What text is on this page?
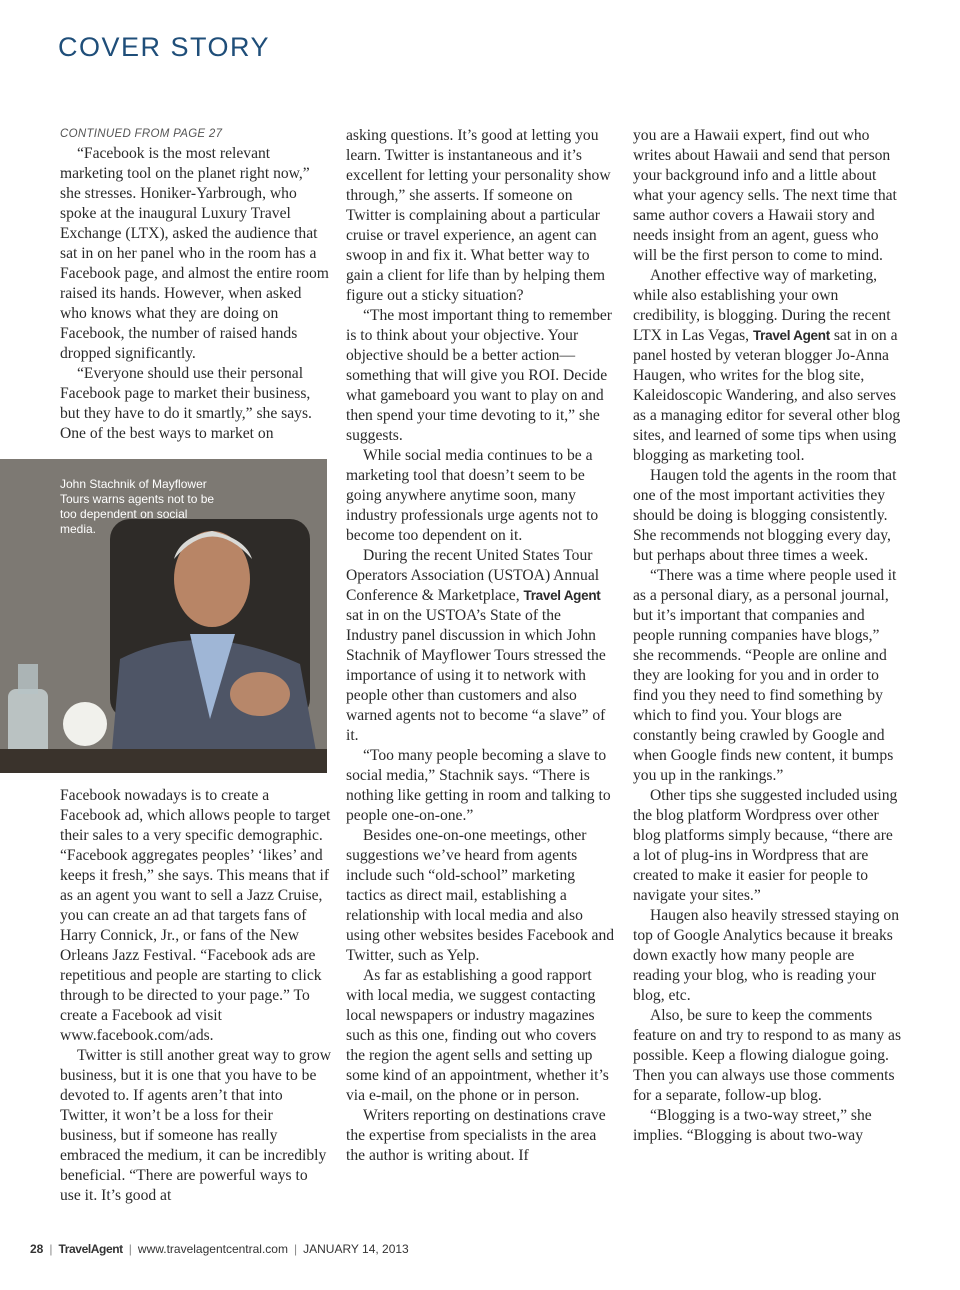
COVER STORY

CONTINUED FROM PAGE 27

“Facebook is the most relevant marketing tool on the planet right now,” she stresses. Honiker-Yarbrough, who spoke at the inaugural Luxury Travel Exchange (LTX), asked the audience that sat in on her panel who in the room has a Facebook page, and almost the entire room raised its hands. However, when asked who knows what they are doing on Facebook, the number of raised hands dropped significantly.

“Everyone should use their personal Facebook page to market their business, but they have to do it smartly,” she says. One of the best ways to market on

John Stachnik of Mayflower Tours warns agents not to be too dependent on social media.

Facebook nowadays is to create a Facebook ad, which allows people to target their sales to a very specific demographic. “Facebook aggregates peoples’ ‘likes’ and keeps it fresh,” she says. This means that if as an agent you want to sell a Jazz Cruise, you can create an ad that targets fans of Harry Connick, Jr., or fans of the New Orleans Jazz Festival. “Facebook ads are repetitious and people are starting to click through to be directed to your page.” To create a Facebook ad visit www.facebook.com/ads.

Twitter is still another great way to grow business, but it is one that you have to be devoted to. If agents aren’t that into Twitter, it won’t be a loss for their business, but if someone has really embraced the medium, it can be incredibly beneficial. “There are powerful ways to use it. It’s good at

asking questions. It’s good at letting you learn. Twitter is instantaneous and it’s excellent for letting your personality show through,” she asserts. If someone on Twitter is complaining about a particular cruise or travel experience, an agent can swoop in and fix it. What better way to gain a client for life than by helping them figure out a sticky situation?

“The most important thing to remember is to think about your objective. Your objective should be a better action—something that will give you ROI. Decide what gameboard you want to play on and then spend your time devoting to it,” she suggests.

While social media continues to be a marketing tool that doesn’t seem to be going anywhere anytime soon, many industry professionals urge agents not to become too dependent on it.

During the recent United States Tour Operators Association (USTOA) Annual Conference & Marketplace, Travel Agent sat in on the USTOA’s State of the Industry panel discussion in which John Stachnik of Mayflower Tours stressed the importance of using it to network with people other than customers and also warned agents not to become “a slave” of it.

“Too many people becoming a slave to social media,” Stachnik says. “There is nothing like getting in room and talking to people one-on-one.”

Besides one-on-one meetings, other suggestions we’ve heard from agents include such “old-school” marketing tactics as direct mail, establishing a relationship with local media and also using other websites besides Facebook and Twitter, such as Yelp.

As far as establishing a good rapport with local media, we suggest contacting local newspapers or industry magazines such as this one, finding out who covers the region the agent sells and setting up some kind of an appointment, whether it’s via e-mail, on the phone or in person.

Writers reporting on destinations crave the expertise from specialists in the area the author is writing about. If

you are a Hawaii expert, find out who writes about Hawaii and send that person your background info and a little about what your agency sells. The next time that same author covers a Hawaii story and needs insight from an agent, guess who will be the first person to come to mind.

Another effective way of marketing, while also establishing your own credibility, is blogging. During the recent LTX in Las Vegas, Travel Agent sat in on a panel hosted by veteran blogger Jo-Anna Haugen, who writes for the blog site, Kaleidoscopic Wandering, and also serves as a managing editor for several other blog sites, and learned of some tips when using blogging as marketing tool.

Haugen told the agents in the room that one of the most important activities they should be doing is blogging consistently. She recommends not blogging every day, but perhaps about three times a week.

“There was a time where people used it as a personal diary, as a personal journal, but it’s important that companies and people running companies have blogs,” she recommends. “People are online and they are looking for you and in order to find you they need to find something by which to find you. Your blogs are constantly being crawled by Google and when Google finds new content, it bumps you up in the rankings.”

Other tips she suggested included using the blog platform Wordpress over other blog platforms simply because, “there are a lot of plug-ins in Wordpress that are created to make it easier for people to navigate your sites.”

Haugen also heavily stressed staying on top of Google Analytics because it breaks down exactly how many people are reading your blog, who is reading your blog, etc.

Also, be sure to keep the comments feature on and try to respond to as many as possible. Keep a flowing dialogue going. Then you can always use those comments for a separate, follow-up blog.

“Blogging is a two-way street,” she implies. “Blogging is about two-way

28 | TravelAgent | www.travelagentcentral.com | JANUARY 14, 2013
